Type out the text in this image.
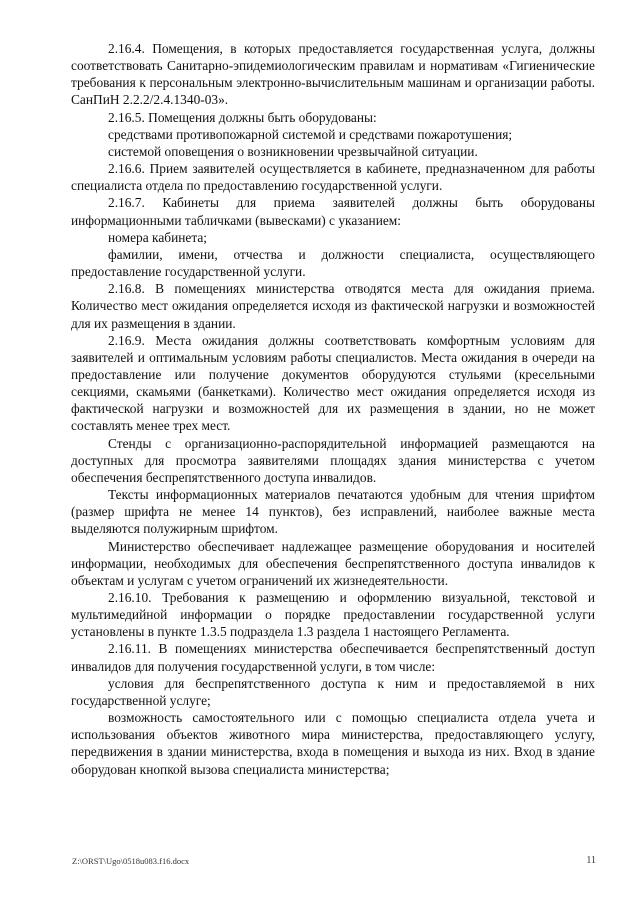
2.16.4. Помещения, в которых предоставляется государственная услуга, должны соответствовать Санитарно-эпидемиологическим правилам и нормативам «Гигиенические требования к персональным электронно-вычислительным машинам и организации работы. СанПиН 2.2.2/2.4.1340-03».

2.16.5. Помещения должны быть оборудованы:

средствами противопожарной системой и средствами пожаротушения;

системой оповещения о возникновении чрезвычайной ситуации.

2.16.6. Прием заявителей осуществляется в кабинете, предназначенном для работы специалиста отдела по предоставлению государственной услуги.

2.16.7. Кабинеты для приема заявителей должны быть оборудованы информационными табличками (вывесками) с указанием:

номера кабинета;

фамилии, имени, отчества и должности специалиста, осуществляющего предоставление государственной услуги.

2.16.8. В помещениях министерства отводятся места для ожидания приема. Количество мест ожидания определяется исходя из фактической нагрузки и возможностей для их размещения в здании.

2.16.9. Места ожидания должны соответствовать комфортным условиям для заявителей и оптимальным условиям работы специалистов. Места ожидания в очереди на предоставление или получение документов оборудуются стульями (кресельными секциями, скамьями (банкетками). Количество мест ожидания определяется исходя из фактической нагрузки и возможностей для их размещения в здании, но не может составлять менее трех мест.

Стенды с организационно-распорядительной информацией размещаются на доступных для просмотра заявителями площадях здания министерства с учетом обеспечения беспрепятственного доступа инвалидов.

Тексты информационных материалов печатаются удобным для чтения шрифтом (размер шрифта не менее 14 пунктов), без исправлений, наиболее важные места выделяются полужирным шрифтом.

Министерство обеспечивает надлежащее размещение оборудования и носителей информации, необходимых для обеспечения беспрепятственного доступа инвалидов к объектам и услугам с учетом ограничений их жизнедеятельности.

2.16.10. Требования к размещению и оформлению визуальной, текстовой и мультимедийной информации о порядке предоставлении государственной услуги установлены в пункте 1.3.5 подраздела 1.3 раздела 1 настоящего Регламента.

2.16.11. В помещениях министерства обеспечивается беспрепятственный доступ инвалидов для получения государственной услуги, в том числе:

условия для беспрепятственного доступа к ним и предоставляемой в них государственной услуге;

возможность самостоятельного или с помощью специалиста отдела учета и использования объектов животного мира министерства, предоставляющего услугу, передвижения в здании министерства, входа в помещения и выхода из них. Вход в здание оборудован кнопкой вызова специалиста министерства;

Z:\ORST\Ugo\0518u083.f16.docx	11
